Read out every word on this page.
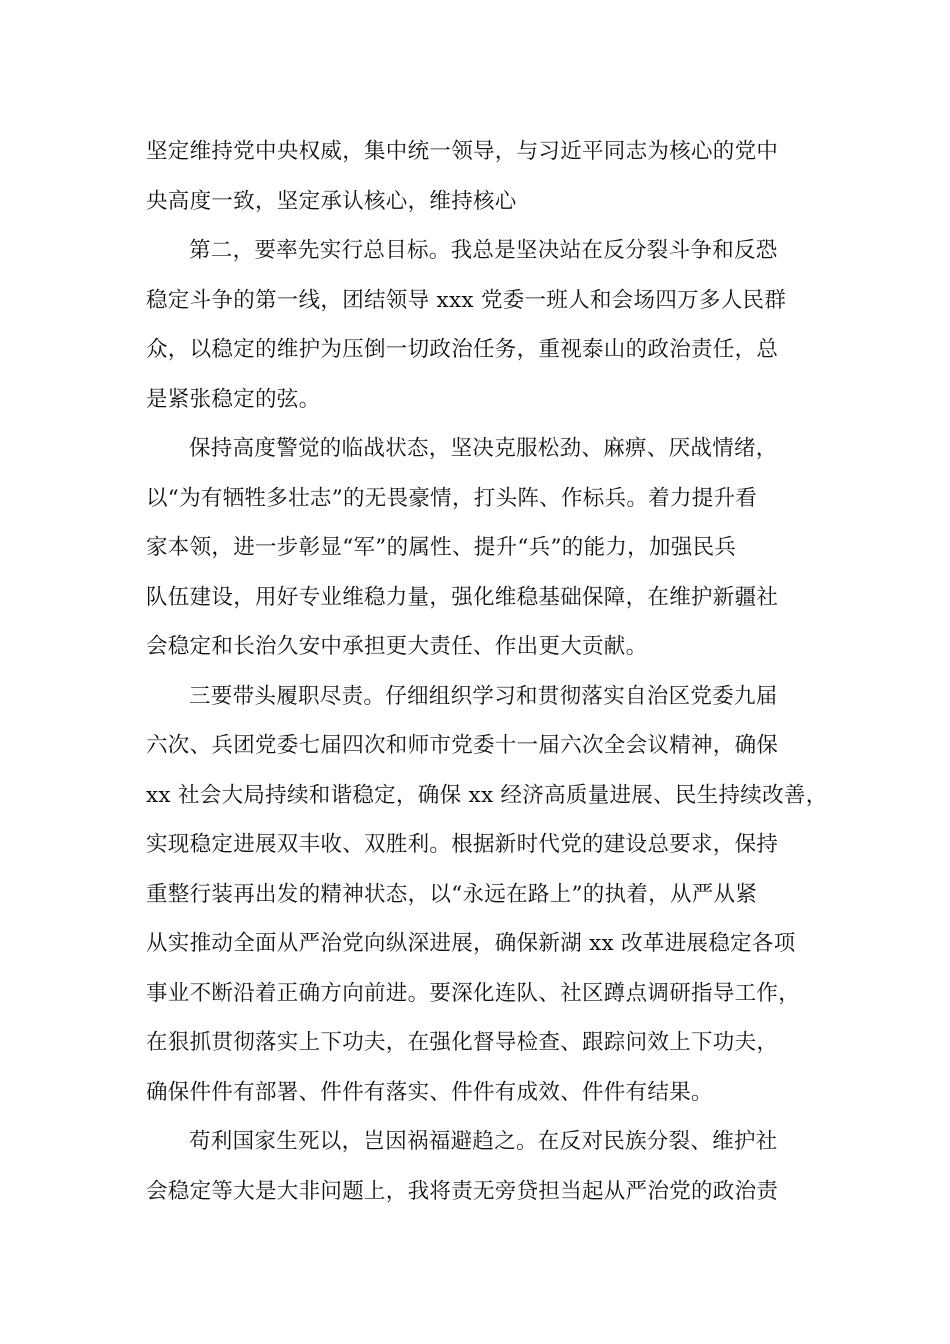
坚定维持党中央权威，集中统一领导，与习近平同志为核心的党中
央高度一致，坚定承认核心，维持核心
第二，要率先实行总目标。我总是坚决站在反分裂斗争和反恐
稳定斗争的第一线，团结领导 xxx 党委一班人和会场四万多人民群
众，以稳定的维护为压倒一切政治任务，重视泰山的政治责任，总
是紧张稳定的弦。
保持高度警觉的临战状态，坚决克服松劲、麻痹、厌战情绪，
以“为有牺牲多壮志”的无畏豪情，打头阵、作标兵。着力提升看
家本领，进一步彰显“军”的属性、提升“兵”的能力，加强民兵
队伍建设，用好专业维稳力量，强化维稳基础保障，在维护新疆社
会稳定和长治久安中承担更大责任、作出更大贡献。
三要带头履职尽责。仔细组织学习和贯彻落实自治区党委九届
六次、兵团党委七届四次和师市党委十一届六次全会议精神，确保
xx 社会大局持续和谐稳定，确保 xx 经济高质量进展、民生持续改善，
实现稳定进展双丰收、双胜利。根据新时代党的建设总要求，保持
重整行装再出发的精神状态，以“永远在路上”的执着，从严从紧
从实推动全面从严治党向纵深进展，确保新湖 xx 改革进展稳定各项
事业不断沿着正确方向前进。要深化连队、社区蹲点调研指导工作，
在狠抓贯彻落实上下功夫，在强化督导检查、跟踪问效上下功夫，
确保件件有部署、件件有落实、件件有成效、件件有结果。
苟利国家生死以，岂因祸福避趋之。在反对民族分裂、维护社
会稳定等大是大非问题上，我将责无旁贷担当起从严治党的政治责
